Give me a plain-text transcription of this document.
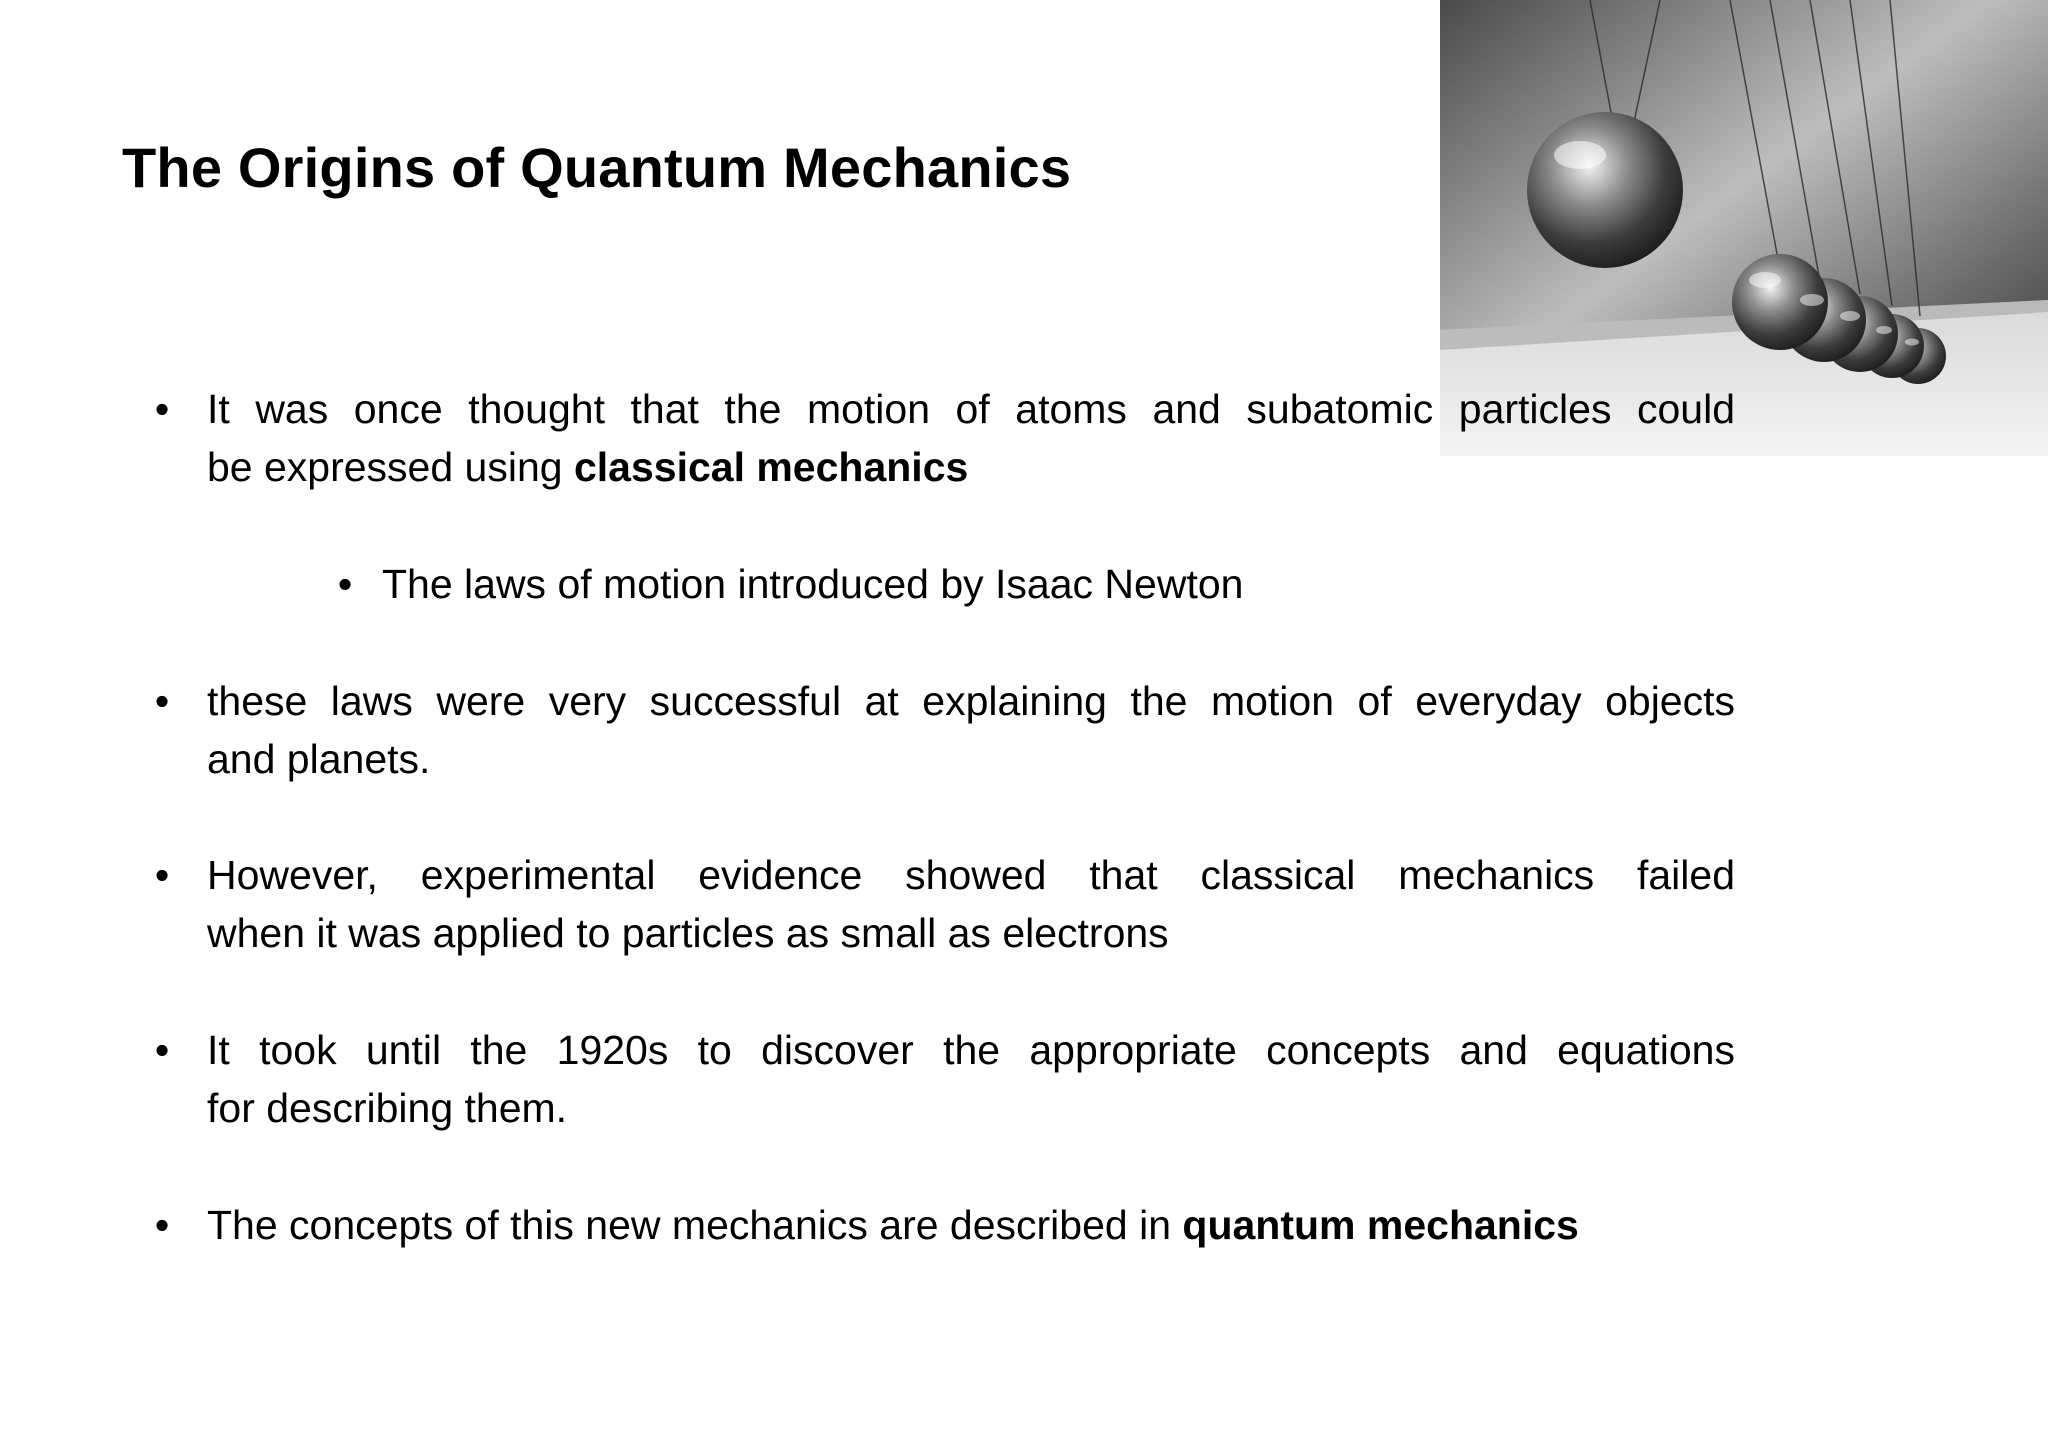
The Origins of Quantum Mechanics
• It was once thought that the motion of atoms and subatomic particles could
be expressed using classical mechanics
• The laws of motion introduced by Isaac Newton
• these laws were very successful at explaining the motion of everyday objects
and planets.
• However, experimental evidence showed that classical mechanics failed
when it was applied to particles as small as electrons
• It took until the 1920s to discover the appropriate concepts and equations
for describing them.
• The concepts of this new mechanics are described in quantum mechanics
